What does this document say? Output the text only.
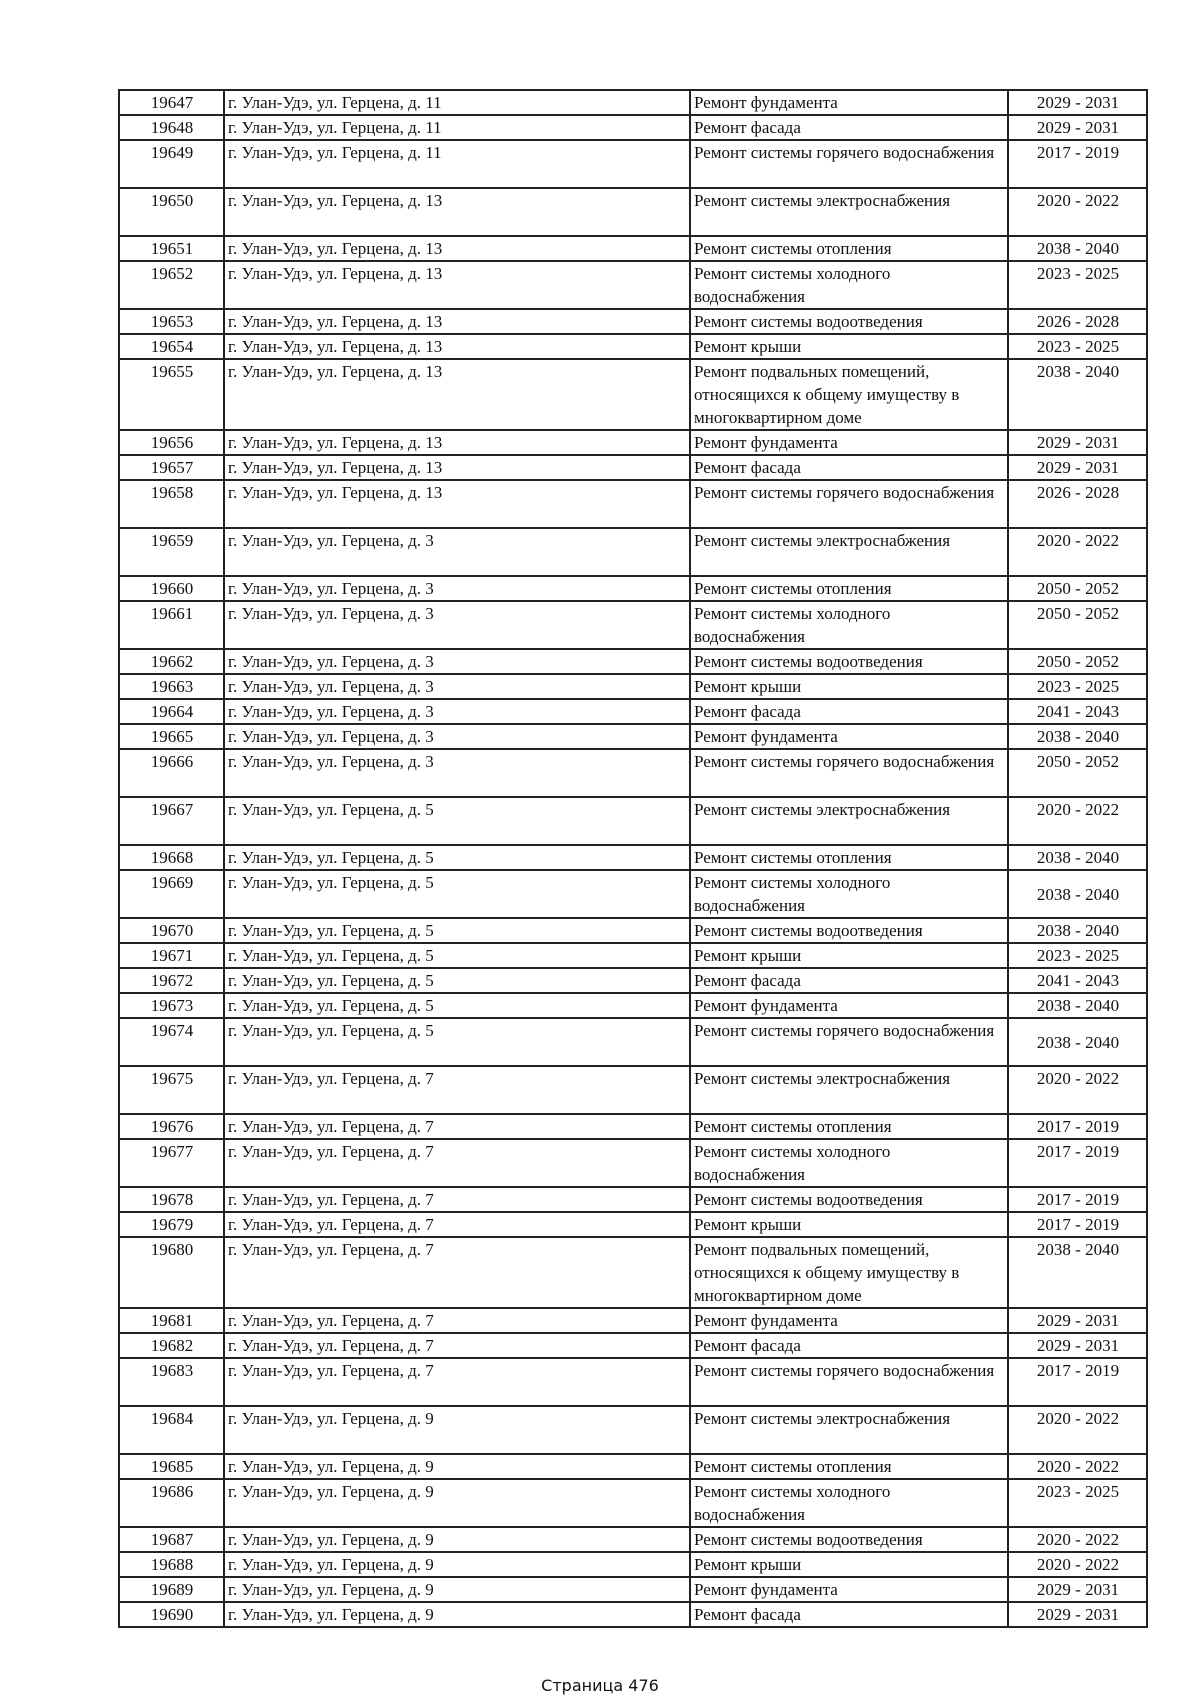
19647	г. Улан-Удэ, ул. Герцена, д. 11	Ремонт фундамента	2029 - 2031
19648	г. Улан-Удэ, ул. Герцена, д. 11	Ремонт фасада	2029 - 2031
19649	г. Улан-Удэ, ул. Герцена, д. 11	Ремонт системы горячего водоснабжения	2017 - 2019
19650	г. Улан-Удэ, ул. Герцена, д. 13	Ремонт системы электроснабжения	2020 - 2022
19651	г. Улан-Удэ, ул. Герцена, д. 13	Ремонт системы отопления	2038 - 2040
19652	г. Улан-Удэ, ул. Герцена, д. 13	Ремонт системы холодного водоснабжения	2023 - 2025
19653	г. Улан-Удэ, ул. Герцена, д. 13	Ремонт системы водоотведения	2026 - 2028
19654	г. Улан-Удэ, ул. Герцена, д. 13	Ремонт крыши	2023 - 2025
19655	г. Улан-Удэ, ул. Герцена, д. 13	Ремонт подвальных помещений, относящихся к общему имуществу в многоквартирном доме	2038 - 2040
19656	г. Улан-Удэ, ул. Герцена, д. 13	Ремонт фундамента	2029 - 2031
19657	г. Улан-Удэ, ул. Герцена, д. 13	Ремонт фасада	2029 - 2031
19658	г. Улан-Удэ, ул. Герцена, д. 13	Ремонт системы горячего водоснабжения	2026 - 2028
19659	г. Улан-Удэ, ул. Герцена, д. 3	Ремонт системы электроснабжения	2020 - 2022
19660	г. Улан-Удэ, ул. Герцена, д. 3	Ремонт системы отопления	2050 - 2052
19661	г. Улан-Удэ, ул. Герцена, д. 3	Ремонт системы холодного водоснабжения	2050 - 2052
19662	г. Улан-Удэ, ул. Герцена, д. 3	Ремонт системы водоотведения	2050 - 2052
19663	г. Улан-Удэ, ул. Герцена, д. 3	Ремонт крыши	2023 - 2025
19664	г. Улан-Удэ, ул. Герцена, д. 3	Ремонт фасада	2041 - 2043
19665	г. Улан-Удэ, ул. Герцена, д. 3	Ремонт фундамента	2038 - 2040
19666	г. Улан-Удэ, ул. Герцена, д. 3	Ремонт системы горячего водоснабжения	2050 - 2052
19667	г. Улан-Удэ, ул. Герцена, д. 5	Ремонт системы электроснабжения	2020 - 2022
19668	г. Улан-Удэ, ул. Герцена, д. 5	Ремонт системы отопления	2038 - 2040
19669	г. Улан-Удэ, ул. Герцена, д. 5	Ремонт системы холодного водоснабжения	2038 - 2040
19670	г. Улан-Удэ, ул. Герцена, д. 5	Ремонт системы водоотведения	2038 - 2040
19671	г. Улан-Удэ, ул. Герцена, д. 5	Ремонт крыши	2023 - 2025
19672	г. Улан-Удэ, ул. Герцена, д. 5	Ремонт фасада	2041 - 2043
19673	г. Улан-Удэ, ул. Герцена, д. 5	Ремонт фундамента	2038 - 2040
19674	г. Улан-Удэ, ул. Герцена, д. 5	Ремонт системы горячего водоснабжения	2038 - 2040
19675	г. Улан-Удэ, ул. Герцена, д. 7	Ремонт системы электроснабжения	2020 - 2022
19676	г. Улан-Удэ, ул. Герцена, д. 7	Ремонт системы отопления	2017 - 2019
19677	г. Улан-Удэ, ул. Герцена, д. 7	Ремонт системы холодного водоснабжения	2017 - 2019
19678	г. Улан-Удэ, ул. Герцена, д. 7	Ремонт системы водоотведения	2017 - 2019
19679	г. Улан-Удэ, ул. Герцена, д. 7	Ремонт крыши	2017 - 2019
19680	г. Улан-Удэ, ул. Герцена, д. 7	Ремонт подвальных помещений, относящихся к общему имуществу в многоквартирном доме	2038 - 2040
19681	г. Улан-Удэ, ул. Герцена, д. 7	Ремонт фундамента	2029 - 2031
19682	г. Улан-Удэ, ул. Герцена, д. 7	Ремонт фасада	2029 - 2031
19683	г. Улан-Удэ, ул. Герцена, д. 7	Ремонт системы горячего водоснабжения	2017 - 2019
19684	г. Улан-Удэ, ул. Герцена, д. 9	Ремонт системы электроснабжения	2020 - 2022
19685	г. Улан-Удэ, ул. Герцена, д. 9	Ремонт системы отопления	2020 - 2022
19686	г. Улан-Удэ, ул. Герцена, д. 9	Ремонт системы холодного водоснабжения	2023 - 2025
19687	г. Улан-Удэ, ул. Герцена, д. 9	Ремонт системы водоотведения	2020 - 2022
19688	г. Улан-Удэ, ул. Герцена, д. 9	Ремонт крыши	2020 - 2022
19689	г. Улан-Удэ, ул. Герцена, д. 9	Ремонт фундамента	2029 - 2031
19690	г. Улан-Удэ, ул. Герцена, д. 9	Ремонт фасада	2029 - 2031
Страница 476
